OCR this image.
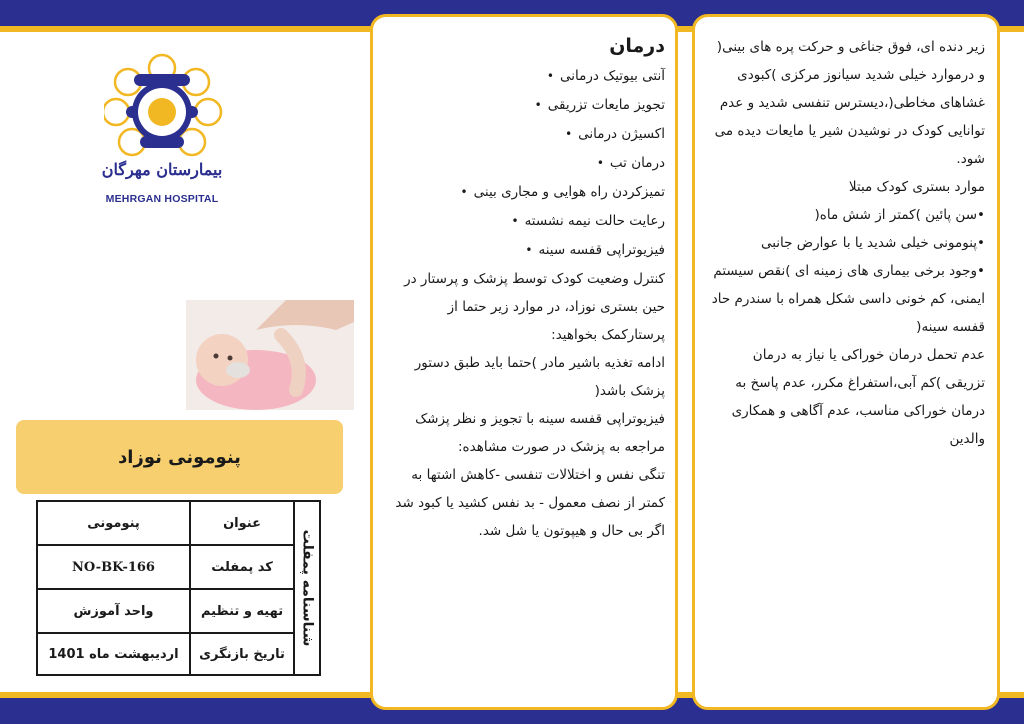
بیمارستان مهرگان
MEHRGAN HOSPITAL
پنومونی نوزاد
شناسنامه پمفلت
عنوان
پنومونی
کد پمفلت
NO-BK-166
تهیه و تنظیم
واحد آموزش
تاریخ بازنگری
اردیبهشت ماه 1401
درمان
آنتی بیوتیک درمانی•
تجویز مایعات تزریقی•
اکسیژن درمانی•
درمان تب•
تمیزکردن راه هوایی و مجاری بینی•
رعایت حالت نیمه نشسته•
فیزیوتراپی قفسه سینه•

کنترل وضعیت کودک توسط پزشک و پرستار در حین بستری نوزاد، در موارد زیر حتما از پرستارکمک بخواهید:

ادامه تغذیه باشیر مادر )حتما باید طبق دستور پزشک باشد(

فیزیوتراپی قفسه سینه با تجویز و نظر پزشک مراجعه به پزشک در صورت مشاهده:

تنگی نفس و اختلالات تنفسی -کاهش اشتها به کمتر از نصف معمول - بد نفس کشید یا کبود شد اگر بی حال و هیپوتون یا شل شد.

زیر دنده ای، فوق جناغی و حرکت پره های بینی( و درموارد خیلی شدید سیانوز مرکزی )کبودی غشاهای مخاطی(،دیسترس تنفسی شدید و عدم توانایی کودک در نوشیدن شیر یا مایعات دیده می شود.

موارد بستری کودک مبتلا

•سن پائین )کمتر از شش ماه(

•پنومونی خیلی شدید یا با عوارض جانبی

•وجود برخی بیماری های زمینه ای )نقص سیستم ایمنی، کم خونی داسی شکل همراه با سندرم حاد قفسه سینه(

عدم تحمل درمان خوراکی یا نیاز به درمان تزریقی )کم آبی،استفراغ مکرر، عدم پاسخ به درمان خوراکی مناسب، عدم آگاهی و همکاری والدین
